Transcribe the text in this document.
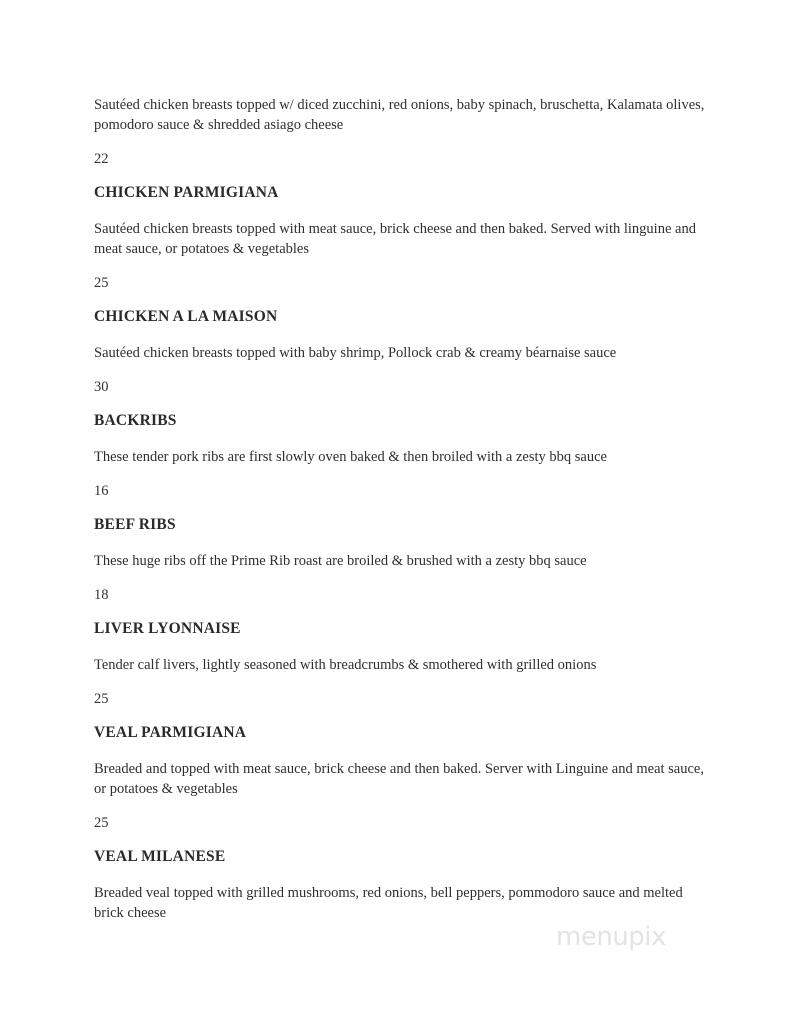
Sautéed chicken breasts topped w/ diced zucchini, red onions, baby spinach, bruschetta, Kalamata olives, pomodoro sauce & shredded asiago cheese

22

CHICKEN PARMIGIANA

Sautéed chicken breasts topped with meat sauce, brick cheese and then baked. Served with linguine and meat sauce, or potatoes & vegetables

25

CHICKEN A LA MAISON

Sautéed chicken breasts topped with baby shrimp, Pollock crab & creamy béarnaise sauce

30

BACKRIBS

These tender pork ribs are first slowly oven baked & then broiled with a zesty bbq sauce

16

BEEF RIBS

These huge ribs off the Prime Rib roast are broiled & brushed with a zesty bbq sauce

18

LIVER LYONNAISE

Tender calf livers, lightly seasoned with breadcrumbs & smothered with grilled onions

25

VEAL PARMIGIANA

Breaded and topped with meat sauce, brick cheese and then baked. Server with Linguine and meat sauce, or potatoes & vegetables

25

VEAL MILANESE

Breaded veal topped with grilled mushrooms, red onions, bell peppers, pommodoro sauce and melted brick cheese

menupix
